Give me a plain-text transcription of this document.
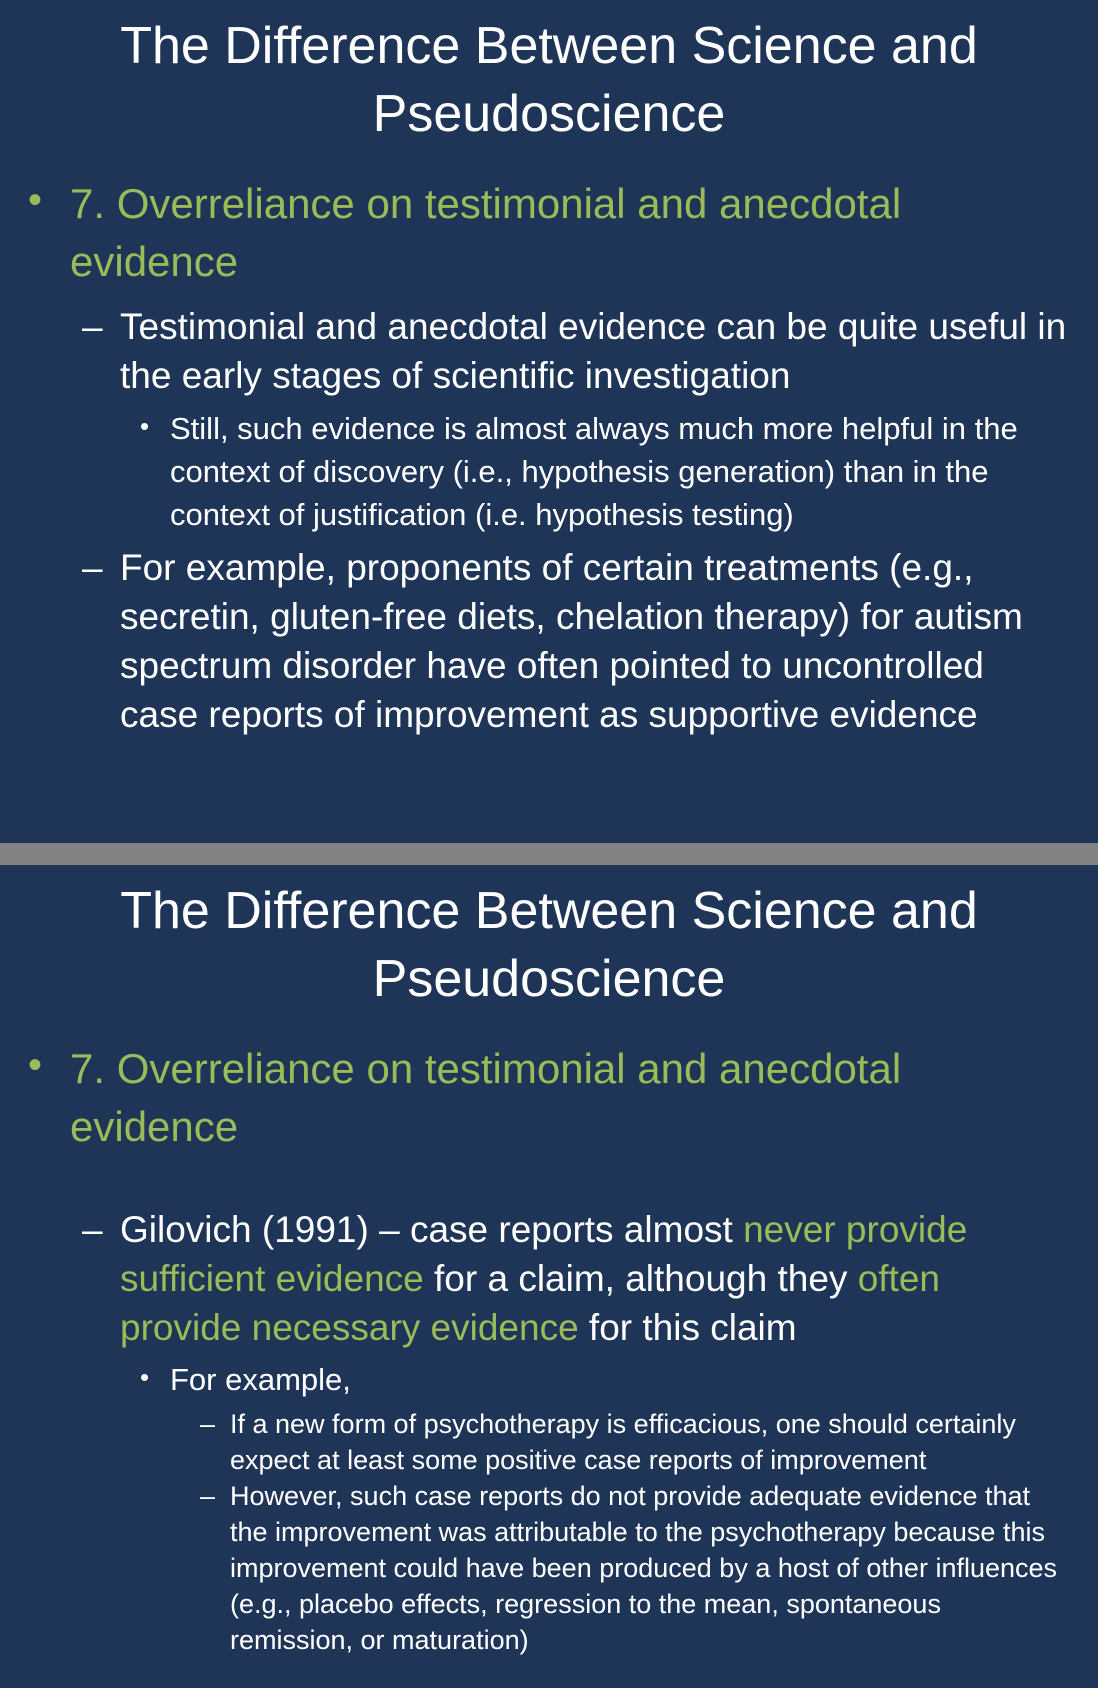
The Difference Between Science and Pseudoscience
• 7. Overreliance on testimonial and anecdotal evidence
– Testimonial and anecdotal evidence can be quite useful in the early stages of scientific investigation
• Still, such evidence is almost always much more helpful in the context of discovery (i.e., hypothesis generation) than in the context of justification (i.e. hypothesis testing)
– For example, proponents of certain treatments (e.g., secretin, gluten-free diets, chelation therapy) for autism spectrum disorder have often pointed to uncontrolled case reports of improvement as supportive evidence
The Difference Between Science and Pseudoscience
• 7. Overreliance on testimonial and anecdotal evidence
– Gilovich (1991) – case reports almost never provide sufficient evidence for a claim, although they often provide necessary evidence for this claim
• For example,
– If a new form of psychotherapy is efficacious, one should certainly expect at least some positive case reports of improvement
– However, such case reports do not provide adequate evidence that the improvement was attributable to the psychotherapy because this improvement could have been produced by a host of other influences (e.g., placebo effects, regression to the mean, spontaneous remission, or maturation)
